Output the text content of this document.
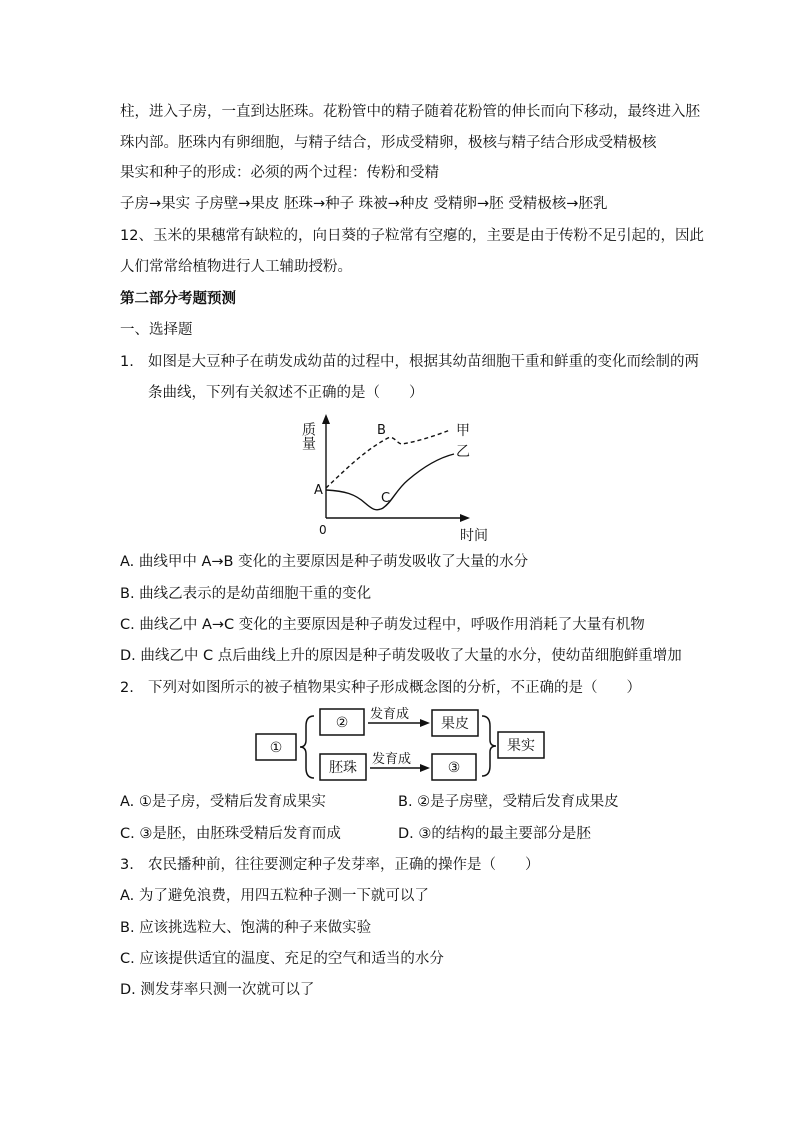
柱，进入子房，一直到达胚珠。花粉管中的精子随着花粉管的伸长而向下移动，最终进入胚
珠内部。胚珠内有卵细胞，与精子结合，形成受精卵，极核与精子结合形成受精极核
果实和种子的形成：必须的两个过程：传粉和受精
子房→果实 子房壁→果皮 胚珠→种子 珠被→种皮 受精卵→胚 受精极核→胚乳
12、玉米的果穗常有缺粒的，向日葵的子粒常有空瘪的，主要是由于传粉不足引起的，因此
人们常常给植物进行人工辅助授粉。
第二部分考题预测
一、选择题
1. 如图是大豆种子在萌发成幼苗的过程中，根据其幼苗细胞干重和鲜重的变化而绘制的两
条曲线，下列有关叙述不正确的是（　　）
质量
0	时间
A
B
C
甲
乙
A. 曲线甲中 A→B 变化的主要原因是种子萌发吸收了大量的水分
B. 曲线乙表示的是幼苗细胞干重的变化
C. 曲线乙中 A→C 变化的主要原因是种子萌发过程中，呼吸作用消耗了大量有机物
D. 曲线乙中 C 点后曲线上升的原因是种子萌发吸收了大量的水分，使幼苗细胞鲜重增加
2. 下列对如图所示的被子植物果实种子形成概念图的分析，不正确的是（　　）
①
②
胚珠
发育成
发育成
果皮
③
果实
A. ①是子房，受精后发育成果实	B. ②是子房壁，受精后发育成果皮
C. ③是胚，由胚珠受精后发育而成	D. ③的结构的最主要部分是胚
3. 农民播种前，往往要测定种子发芽率，正确的操作是（　　）
A. 为了避免浪费，用四五粒种子测一下就可以了
B. 应该挑选粒大、饱满的种子来做实验
C. 应该提供适宜的温度、充足的空气和适当的水分
D. 测发芽率只测一次就可以了
